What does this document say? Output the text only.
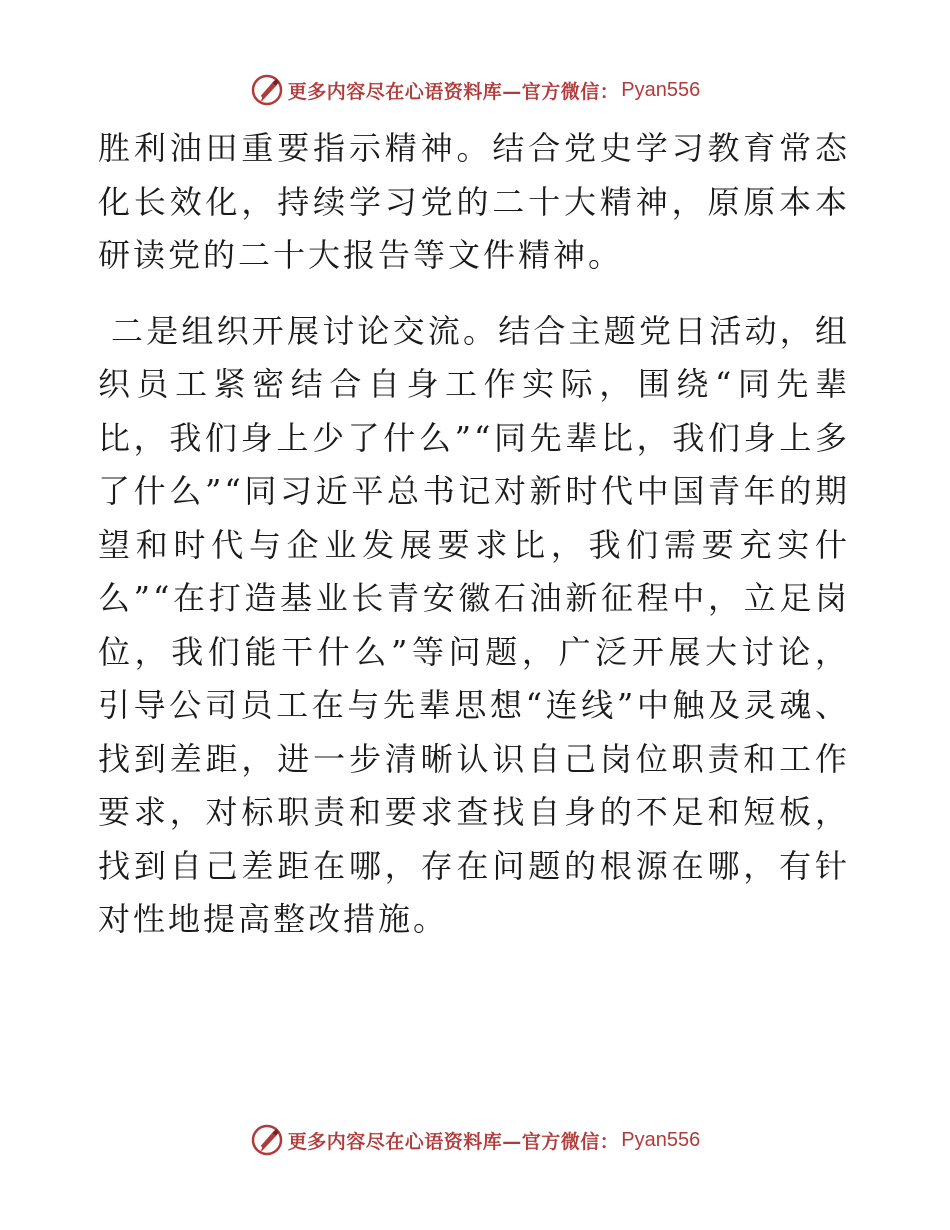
更多内容尽在心语资料库—官方微信： Pyan556

胜利油田重要指示精神。结合党史学习教育常态化长效化，持续学习党的二十大精神，原原本本研读党的二十大报告等文件精神。

二是组织开展讨论交流。结合主题党日活动，组织员工紧密结合自身工作实际，围绕“同先辈比，我们身上少了什么”“同先辈比，我们身上多了什么”“同习近平总书记对新时代中国青年的期望和时代与企业发展要求比，我们需要充实什么”“在打造基业长青安徽石油新征程中，立足岗位，我们能干什么”等问题，广泛开展大讨论，引导公司员工在与先辈思想“连线”中触及灵魂、找到差距，进一步清晰认识自己岗位职责和工作要求，对标职责和要求查找自身的不足和短板，找到自己差距在哪，存在问题的根源在哪，有针对性地提高整改措施。

更多内容尽在心语资料库—官方微信： Pyan556
